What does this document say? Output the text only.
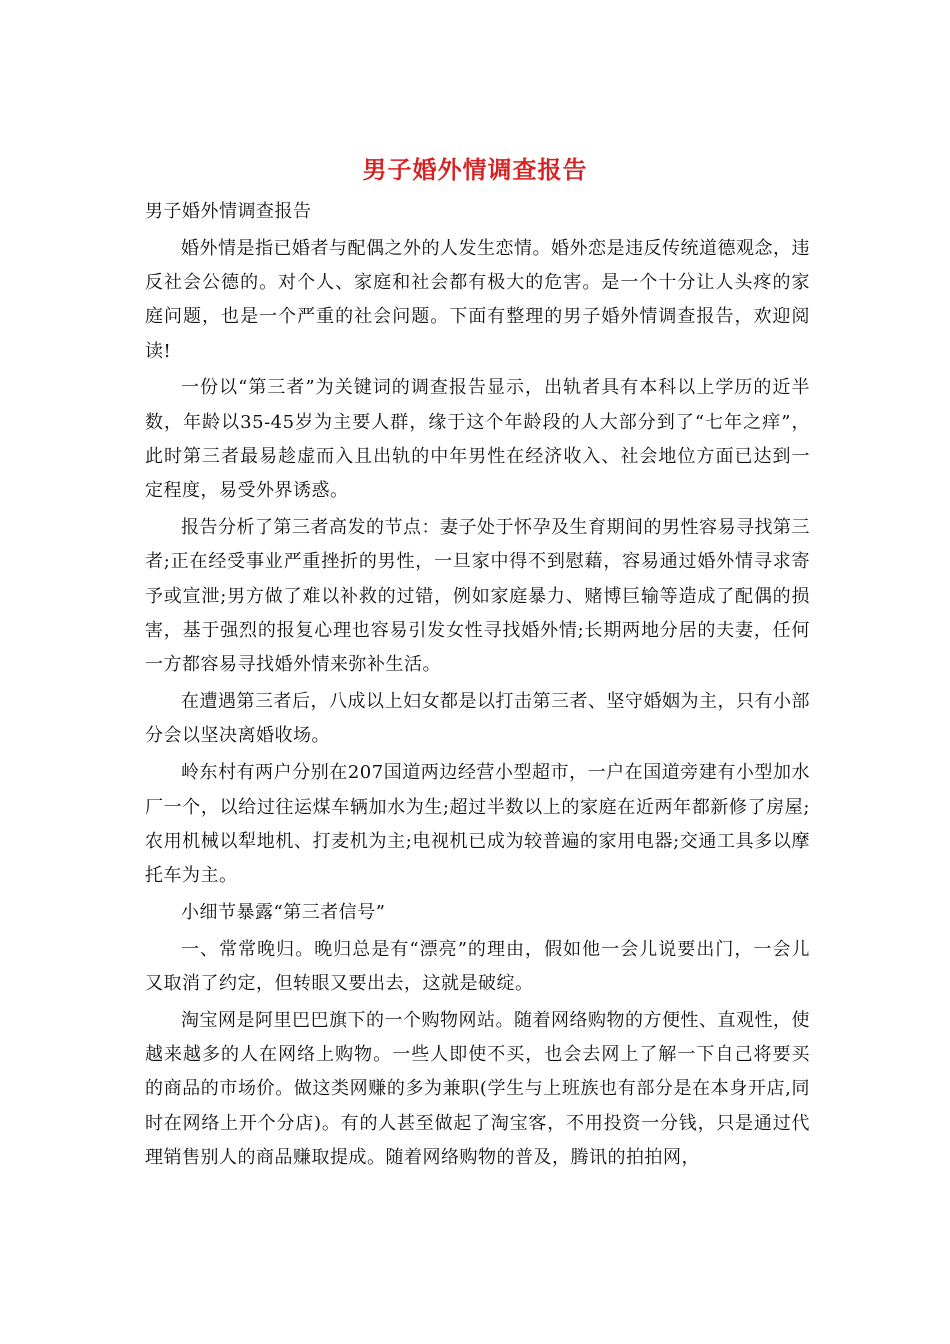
男子婚外情调查报告

男子婚外情调查报告

婚外情是指已婚者与配偶之外的人发生恋情。婚外恋是违反传统道德观念，违反社会公德的。对个人、家庭和社会都有极大的危害。是一个十分让人头疼的家庭问题，也是一个严重的社会问题。下面有整理的男子婚外情调查报告，欢迎阅读!

一份以“第三者”为关键词的调查报告显示，出轨者具有本科以上学历的近半数，年龄以35-45岁为主要人群，缘于这个年龄段的人大部分到了“七年之痒”，此时第三者最易趁虚而入且出轨的中年男性在经济收入、社会地位方面已达到一定程度，易受外界诱惑。

报告分析了第三者高发的节点：妻子处于怀孕及生育期间的男性容易寻找第三者;正在经受事业严重挫折的男性，一旦家中得不到慰藉，容易通过婚外情寻求寄予或宣泄;男方做了难以补救的过错，例如家庭暴力、赌博巨输等造成了配偶的损害，基于强烈的报复心理也容易引发女性寻找婚外情;长期两地分居的夫妻，任何一方都容易寻找婚外情来弥补生活。

在遭遇第三者后，八成以上妇女都是以打击第三者、坚守婚姻为主，只有小部分会以坚决离婚收场。

岭东村有两户分别在207国道两边经营小型超市，一户在国道旁建有小型加水厂一个，以给过往运煤车辆加水为生;超过半数以上的家庭在近两年都新修了房屋;农用机械以犁地机、打麦机为主;电视机已成为较普遍的家用电器;交通工具多以摩托车为主。

小细节暴露“第三者信号”

一、常常晚归。晚归总是有“漂亮”的理由，假如他一会儿说要出门，一会儿又取消了约定，但转眼又要出去，这就是破绽。

淘宝网是阿里巴巴旗下的一个购物网站。随着网络购物的方便性、直观性，使越来越多的人在网络上购物。一些人即使不买，也会去网上了解一下自己将要买的商品的市场价。做这类网赚的多为兼职(学生与上班族也有部分是在本身开店,同时在网络上开个分店)。有的人甚至做起了淘宝客，不用投资一分钱，只是通过代理销售别人的商品赚取提成。随着网络购物的普及，腾讯的拍拍网，
